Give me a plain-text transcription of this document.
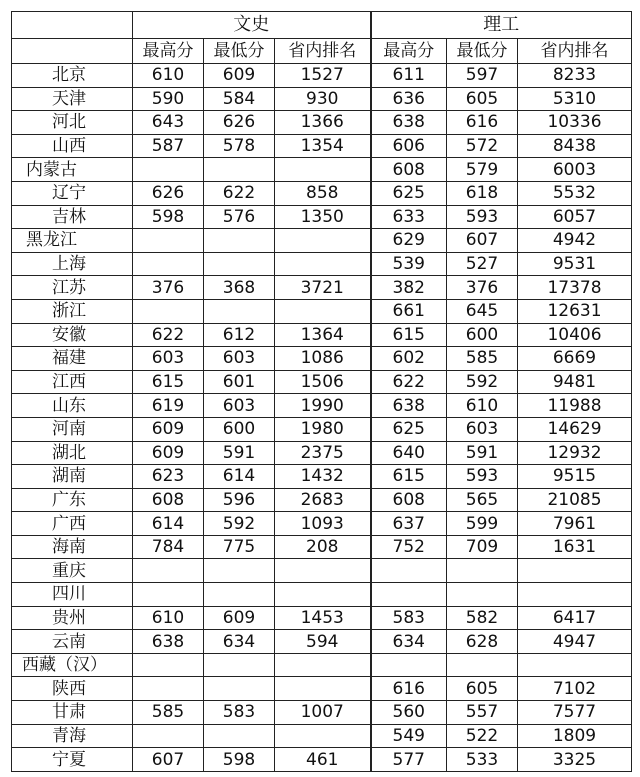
	文史			理工		
	最高分	最低分	省内排名	最高分	最低分	省内排名
北京	610	609	1527	611	597	8233
天津	590	584	930	636	605	5310
河北	643	626	1366	638	616	10336
山西	587	578	1354	606	572	8438
内蒙古				608	579	6003
辽宁	626	622	858	625	618	5532
吉林	598	576	1350	633	593	6057
黑龙江				629	607	4942
上海				539	527	9531
江苏	376	368	3721	382	376	17378
浙江				661	645	12631
安徽	622	612	1364	615	600	10406
福建	603	603	1086	602	585	6669
江西	615	601	1506	622	592	9481
山东	619	603	1990	638	610	11988
河南	609	600	1980	625	603	14629
湖北	609	591	2375	640	591	12932
湖南	623	614	1432	615	593	9515
广东	608	596	2683	608	565	21085
广西	614	592	1093	637	599	7961
海南	784	775	208	752	709	1631
重庆						
四川						
贵州	610	609	1453	583	582	6417
云南	638	634	594	634	628	4947
西藏（汉）						
陕西				616	605	7102
甘肃	585	583	1007	560	557	7577
青海				549	522	1809
宁夏	607	598	461	577	533	3325
